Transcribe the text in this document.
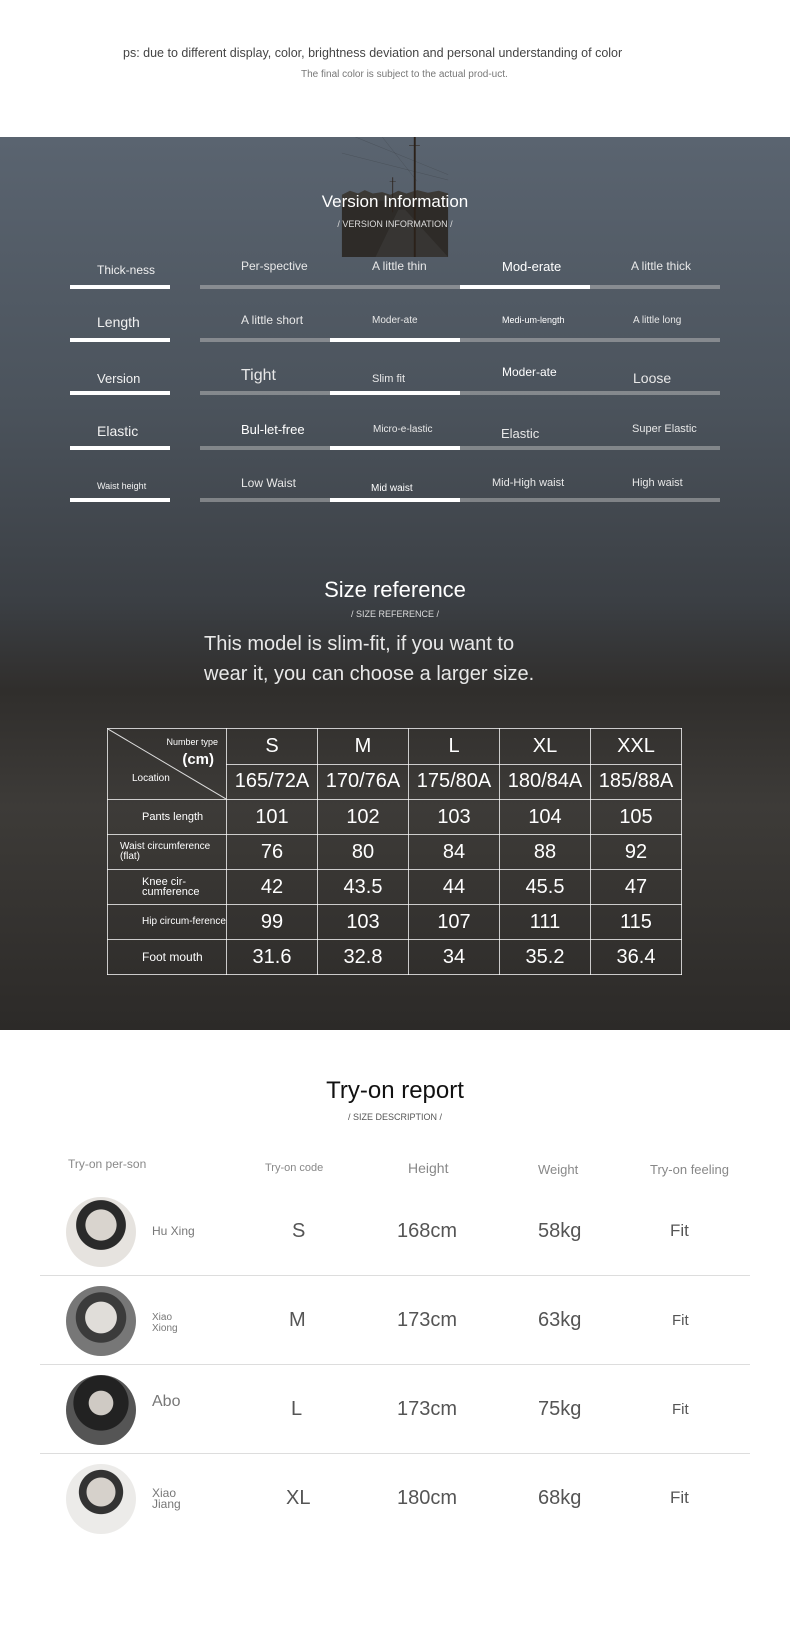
ps: due to different display, color, brightness deviation and personal understanding of color
The final color is subject to the actual prod-uct.
Version Information
/ VERSION INFORMATION /
Thick-ness	Per-spective	A little thin	Mod-erate	A little thick
Length	A little short	Moder-ate	Medi-um-length	A little long
Version	Tight	Slim fit	Moder-ate	Loose
Elastic	Bul-let-free	Micro-e-lastic	Elastic	Super Elastic
Waist height	Low Waist	Mid waist	Mid-High waist	High waist
Size reference
/ SIZE REFERENCE /
This model is slim-fit, if you want to
wear it, you can choose a larger size.
Number type
(cm)
Location	S	M	L	XL	XXL
	165/72A	170/76A	175/80A	180/84A	185/88A
Pants length	101	102	103	104	105
Waist circumference (flat)	76	80	84	88	92
Knee cir-cumference	42	43.5	44	45.5	47
Hip circum-ference	99	103	107	111	115
Foot mouth	31.6	32.8	34	35.2	36.4
Try-on report
/ SIZE DESCRIPTION /
Try-on per-son	Try-on code	Height	Weight	Try-on feeling
Hu Xing	S	168cm	58kg	Fit
Xiao Xiong	M	173cm	63kg	Fit
Abo	L	173cm	75kg	Fit
Xiao Jiang	XL	180cm	68kg	Fit
